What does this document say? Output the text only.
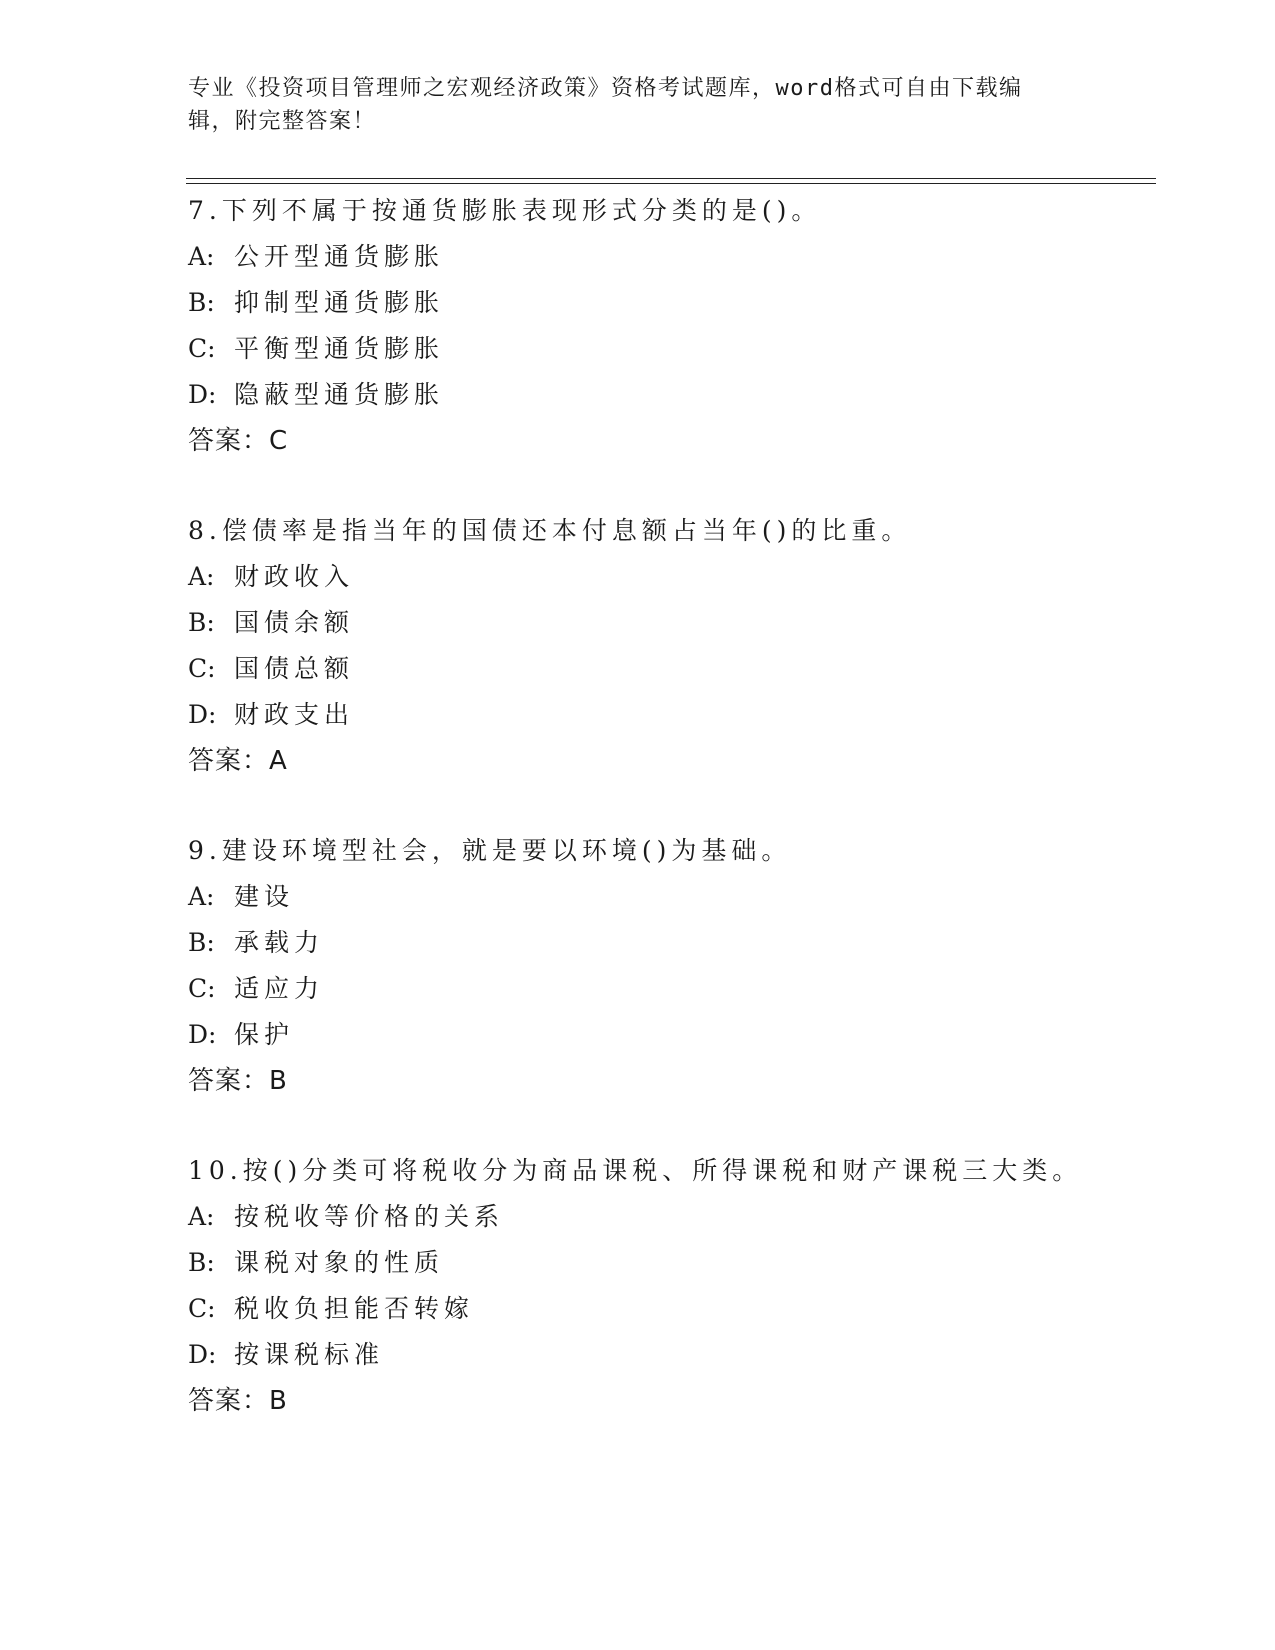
专业《投资项目管理师之宏观经济政策》资格考试题库，word格式可自由下载编
辑，附完整答案！
7.下列不属于按通货膨胀表现形式分类的是()。
A: 公开型通货膨胀
B: 抑制型通货膨胀
C: 平衡型通货膨胀
D: 隐蔽型通货膨胀
答案：C
8.偿债率是指当年的国债还本付息额占当年()的比重。
A: 财政收入
B: 国债余额
C: 国债总额
D: 财政支出
答案：A
9.建设环境型社会，就是要以环境()为基础。
A: 建设
B: 承载力
C: 适应力
D: 保护
答案：B
10.按()分类可将税收分为商品课税、所得课税和财产课税三大类。
A: 按税收等价格的关系
B: 课税对象的性质
C: 税收负担能否转嫁
D: 按课税标准
答案：B
